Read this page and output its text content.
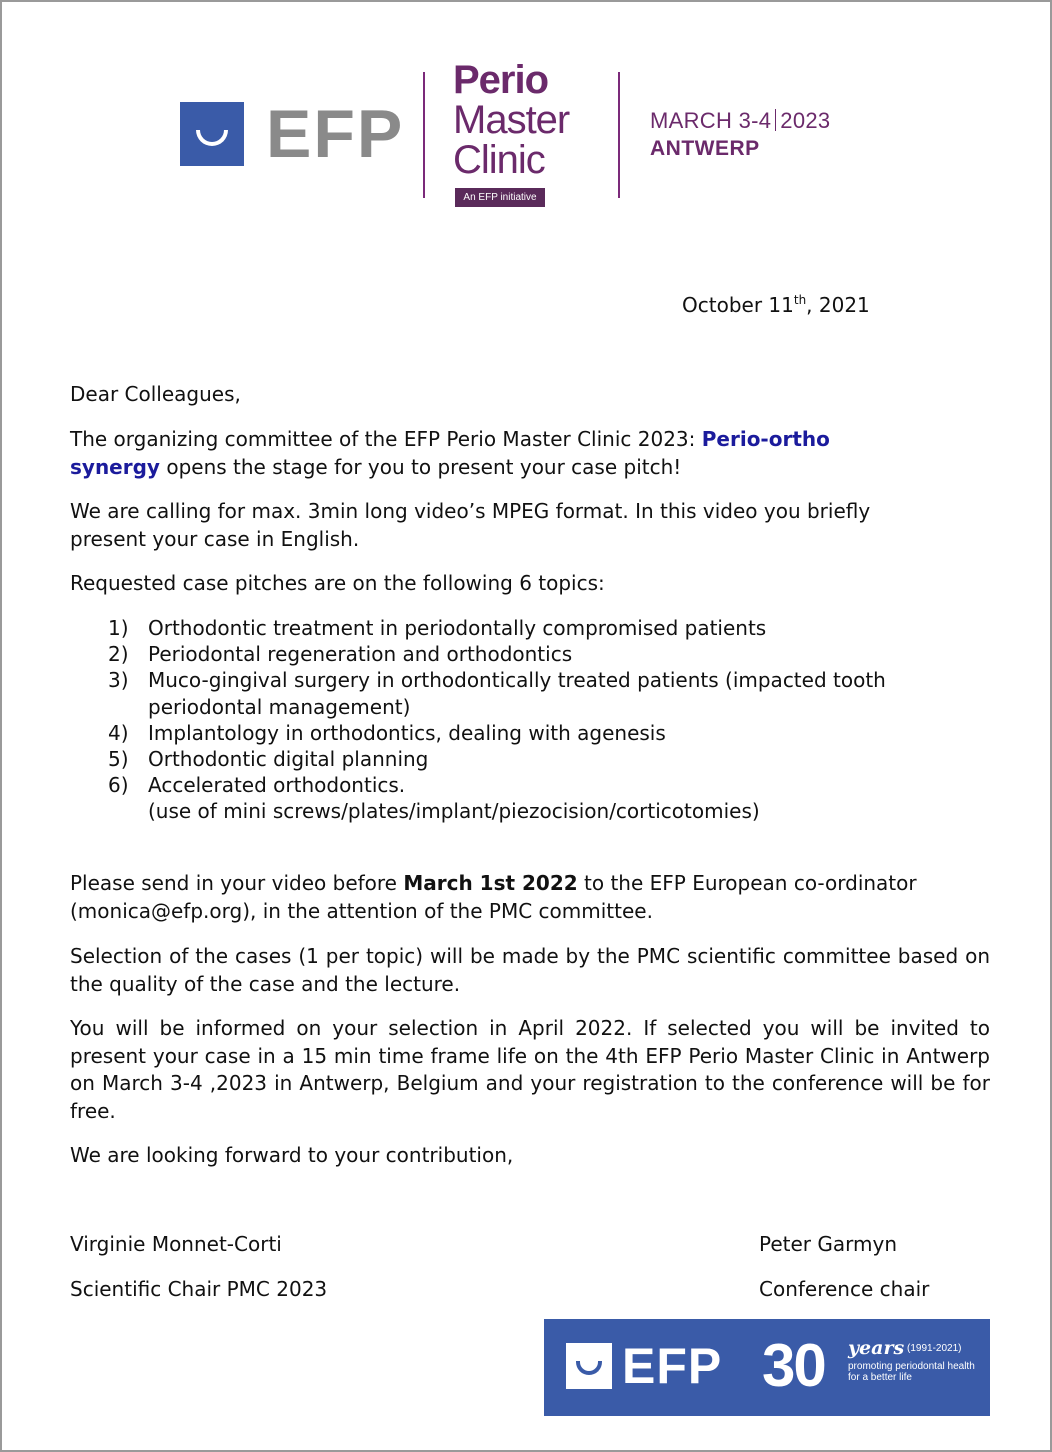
EFP
Perio
Master
Clinic
An EFP initiative
MARCH 3-4 2023
ANTWERP
October 11th, 2021
Dear Colleagues,
The organizing committee of the EFP Perio Master Clinic 2023: Perio-ortho
synergy opens the stage for you to present your case pitch!
We are calling for max. 3min long video’s MPEG format. In this video you briefly
present your case in English.
Requested case pitches are on the following 6 topics:
1) Orthodontic treatment in periodontally compromised patients
2) Periodontal regeneration and orthodontics
3) Muco-gingival surgery in orthodontically treated patients (impacted tooth
periodontal management)
4) Implantology in orthodontics, dealing with agenesis
5) Orthodontic digital planning
6) Accelerated orthodontics.
(use of mini screws/plates/implant/piezocision/corticotomies)
Please send in your video before March 1st 2022 to the EFP European co-ordinator
(monica@efp.org), in the attention of the PMC committee.
Selection of the cases (1 per topic) will be made by the PMC scientific committee based on the quality of the case and the lecture.
You will be informed on your selection in April 2022. If selected you will be invited to present your case in a 15 min time frame life on the 4th EFP Perio Master Clinic in Antwerp on March 3-4 ,2023 in Antwerp, Belgium and your registration to the conference will be for free.
We are looking forward to your contribution,
Virginie Monnet-Corti
Scientific Chair PMC 2023
Peter Garmyn
Conference chair
EFP 30 years (1991-2021)
promoting periodontal health for a better life
